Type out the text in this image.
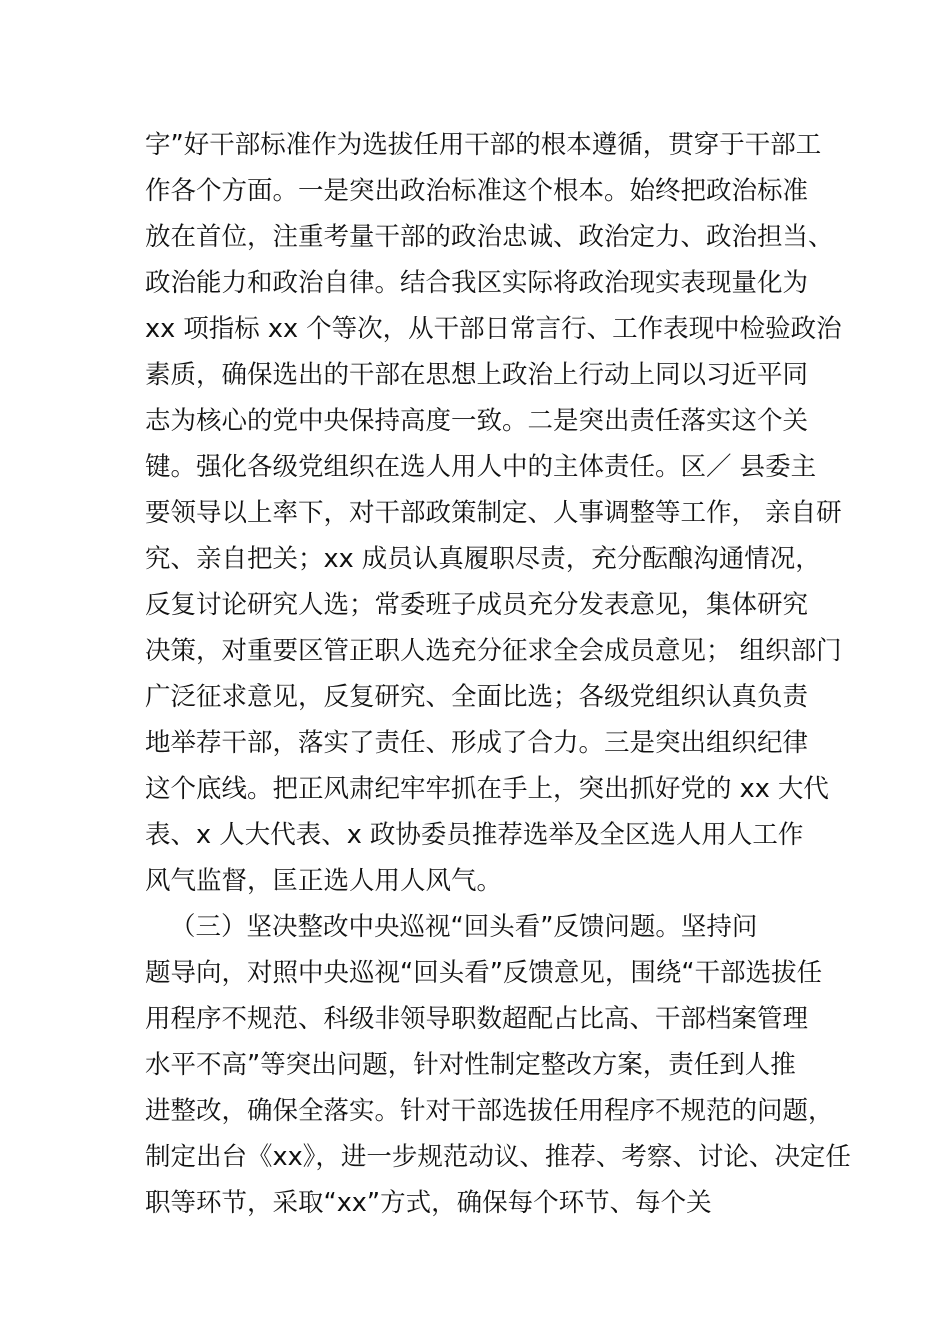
字”好干部标准作为选拔任用干部的根本遵循，贯穿于干部工
作各个方面。一是突出政治标准这个根本。始终把政治标准
放在首位，注重考量干部的政治忠诚、政治定力、政治担当、
政治能力和政治自律。结合我区实际将政治现实表现量化为
xx 项指标 xx 个等次，从干部日常言行、工作表现中检验政治
素质，确保选出的干部在思想上政治上行动上同以习近平同
志为核心的党中央保持高度一致。二是突出责任落实这个关
键。强化各级党组织在选人用人中的主体责任。区／ 县委主
要领导以上率下，对干部政策制定、人事调整等工作， 亲自研
究、亲自把关；xx 成员认真履职尽责，充分酝酿沟通情况，
反复讨论研究人选；常委班子成员充分发表意见，集体研究
决策，对重要区管正职人选充分征求全会成员意见； 组织部门
广泛征求意见，反复研究、全面比选；各级党组织认真负责
地举荐干部，落实了责任、形成了合力。三是突出组织纪律
这个底线。把正风肃纪牢牢抓在手上，突出抓好党的 xx 大代
表、x 人大代表、x 政协委员推荐选举及全区选人用人工作
风气监督，匡正选人用人风气。
（三）坚决整改中央巡视“回头看”反馈问题。坚持问
题导向，对照中央巡视“回头看”反馈意见，围绕“干部选拔任
用程序不规范、科级非领导职数超配占比高、干部档案管理
水平不高”等突出问题，针对性制定整改方案，责任到人推
进整改，确保全落实。针对干部选拔任用程序不规范的问题，
制定出台《xx》，进一步规范动议、推荐、考察、讨论、决定任
职等环节，采取“xx”方式，确保每个环节、每个关
